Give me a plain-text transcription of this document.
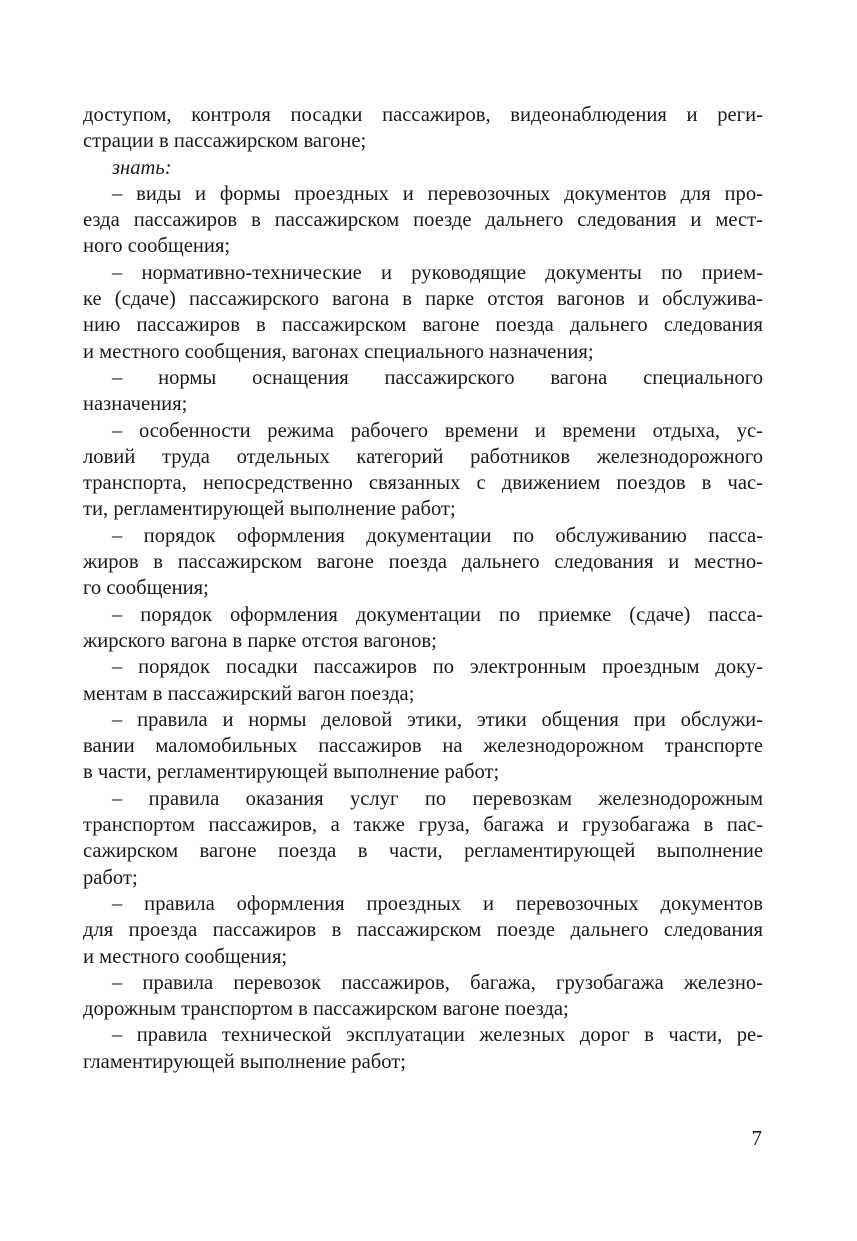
доступом, контроля посадки пассажиров, видеонаблюдения и реги-
страции в пассажирском вагоне;
знать:
– виды и формы проездных и перевозочных документов для про-
езда пассажиров в пассажирском поезде дальнего следования и мест-
ного сообщения;
– нормативно-технические и руководящие документы по прием-
ке (сдаче) пассажирского вагона в парке отстоя вагонов и обслужива-
нию пассажиров в пассажирском вагоне поезда дальнего следования
и местного сообщения, вагонах специального назначения;
– нормы оснащения пассажирского вагона специального
назначения;
– особенности режима рабочего времени и времени отдыха, ус-
ловий труда отдельных категорий работников железнодорожного
транспорта, непосредственно связанных с движением поездов в час-
ти, регламентирующей выполнение работ;
– порядок оформления документации по обслуживанию пасса-
жиров в пассажирском вагоне поезда дальнего следования и местно-
го сообщения;
– порядок оформления документации по приемке (сдаче) пасса-
жирского вагона в парке отстоя вагонов;
– порядок посадки пассажиров по электронным проездным доку-
ментам в пассажирский вагон поезда;
– правила и нормы деловой этики, этики общения при обслужи-
вании маломобильных пассажиров на железнодорожном транспорте
в части, регламентирующей выполнение работ;
– правила оказания услуг по перевозкам железнодорожным
транспортом пассажиров, а также груза, багажа и грузобагажа в пас-
сажирском вагоне поезда в части, регламентирующей выполнение
работ;
– правила оформления проездных и перевозочных документов
для проезда пассажиров в пассажирском поезде дальнего следования
и местного сообщения;
– правила перевозок пассажиров, багажа, грузобагажа железно-
дорожным транспортом в пассажирском вагоне поезда;
– правила технической эксплуатации железных дорог в части, ре-
гламентирующей выполнение работ;
7
